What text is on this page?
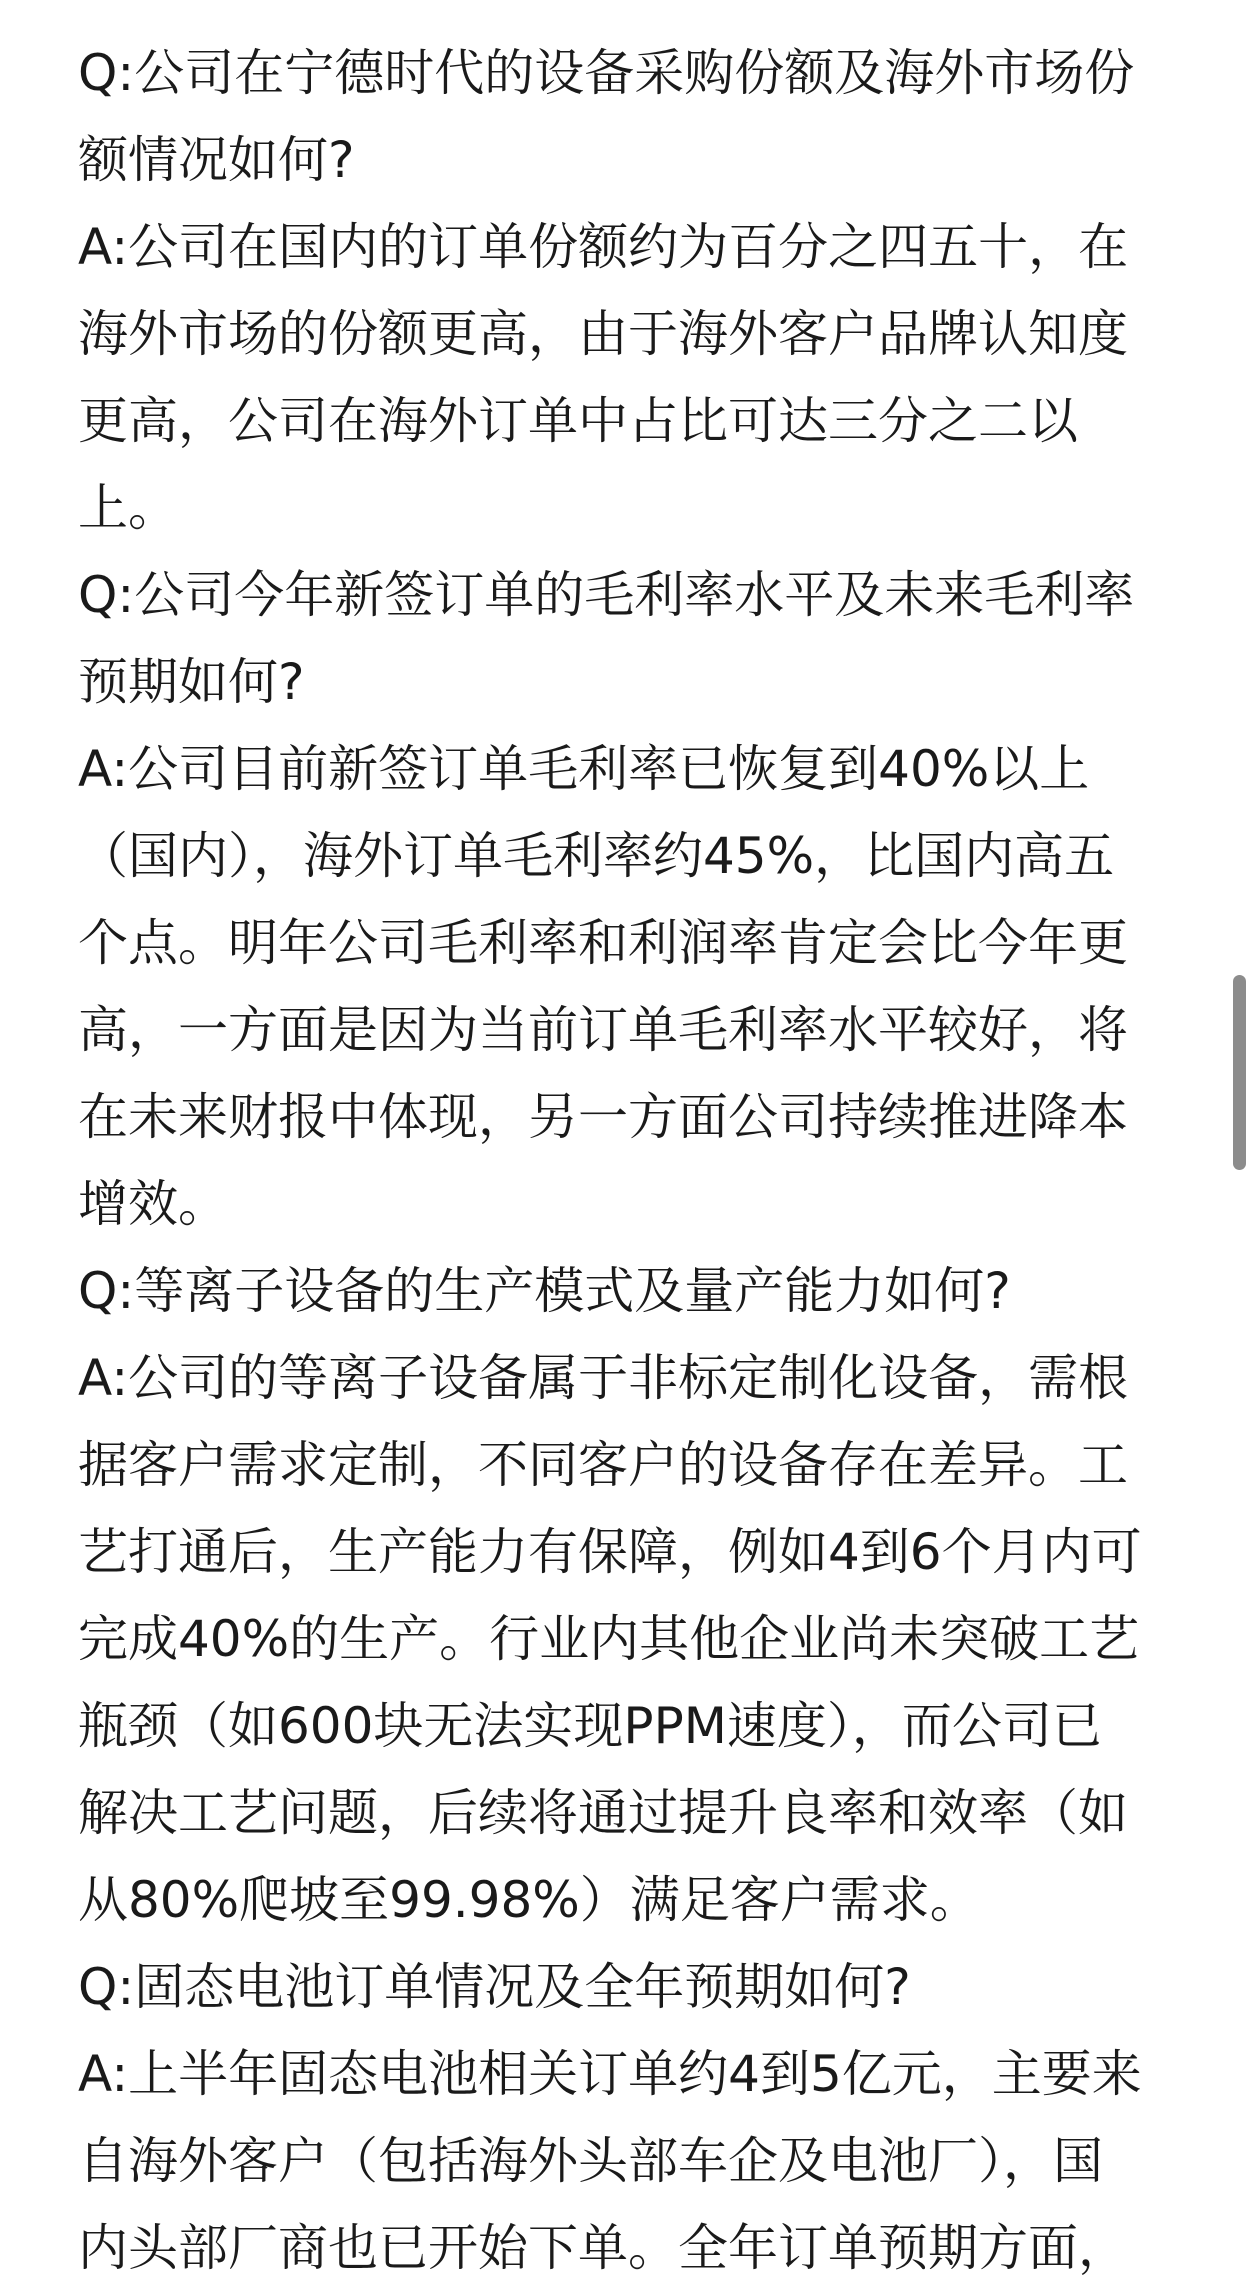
Q:公司在宁德时代的设备采购份额及海外市场份
额情况如何?
A:公司在国内的订单份额约为百分之四五十，在
海外市场的份额更高，由于海外客户品牌认知度
更高，公司在海外订单中占比可达三分之二以
上。
Q:公司今年新签订单的毛利率水平及未来毛利率
预期如何?
A:公司目前新签订单毛利率已恢复到40%以上
（国内），海外订单毛利率约45%，比国内高五
个点。明年公司毛利率和利润率肯定会比今年更
高，一方面是因为当前订单毛利率水平较好，将
在未来财报中体现，另一方面公司持续推进降本
增效。
Q:等离子设备的生产模式及量产能力如何?
A:公司的等离子设备属于非标定制化设备，需根
据客户需求定制，不同客户的设备存在差异。工
艺打通后，生产能力有保障，例如4到6个月内可
完成40%的生产。行业内其他企业尚未突破工艺
瓶颈（如600块无法实现PPM速度），而公司已
解决工艺问题，后续将通过提升良率和效率（如
从80%爬坡至99.98%）满足客户需求。
Q:固态电池订单情况及全年预期如何?
A:上半年固态电池相关订单约4到5亿元，主要来
自海外客户（包括海外头部车企及电池厂），国
内头部厂商也已开始下单。全年订单预期方面，
